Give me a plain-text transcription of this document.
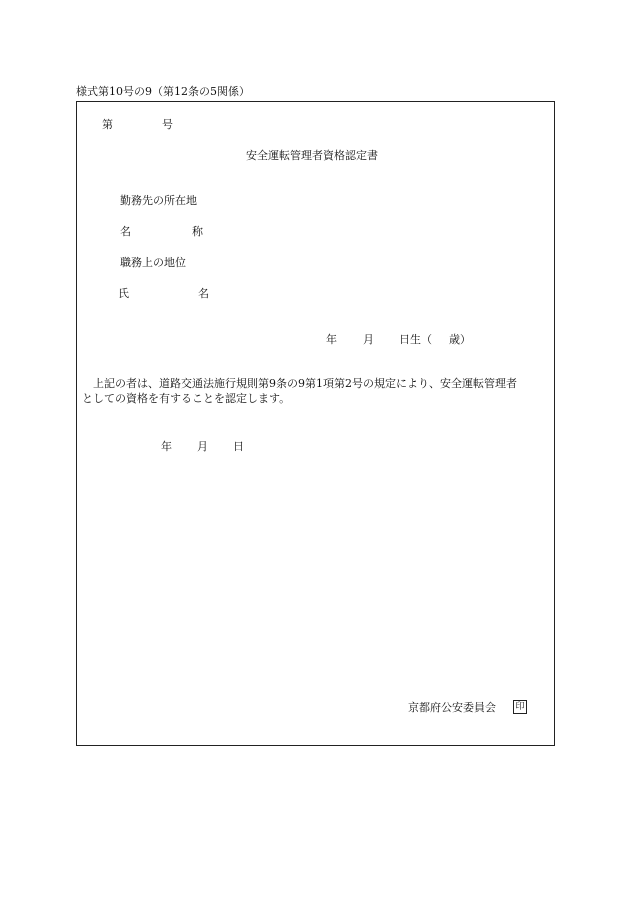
様式第10号の9（第12条の5関係）
第	号
安全運転管理者資格認定書
勤務先の所在地
名	称
職務上の地位
氏	名
年 月 日生（ 歳）
上記の者は、道路交通法施行規則第9条の9第1項第2号の規定により、安全運転管理者
としての資格を有することを認定します。
年 月 日
京都府公安委員会 印
